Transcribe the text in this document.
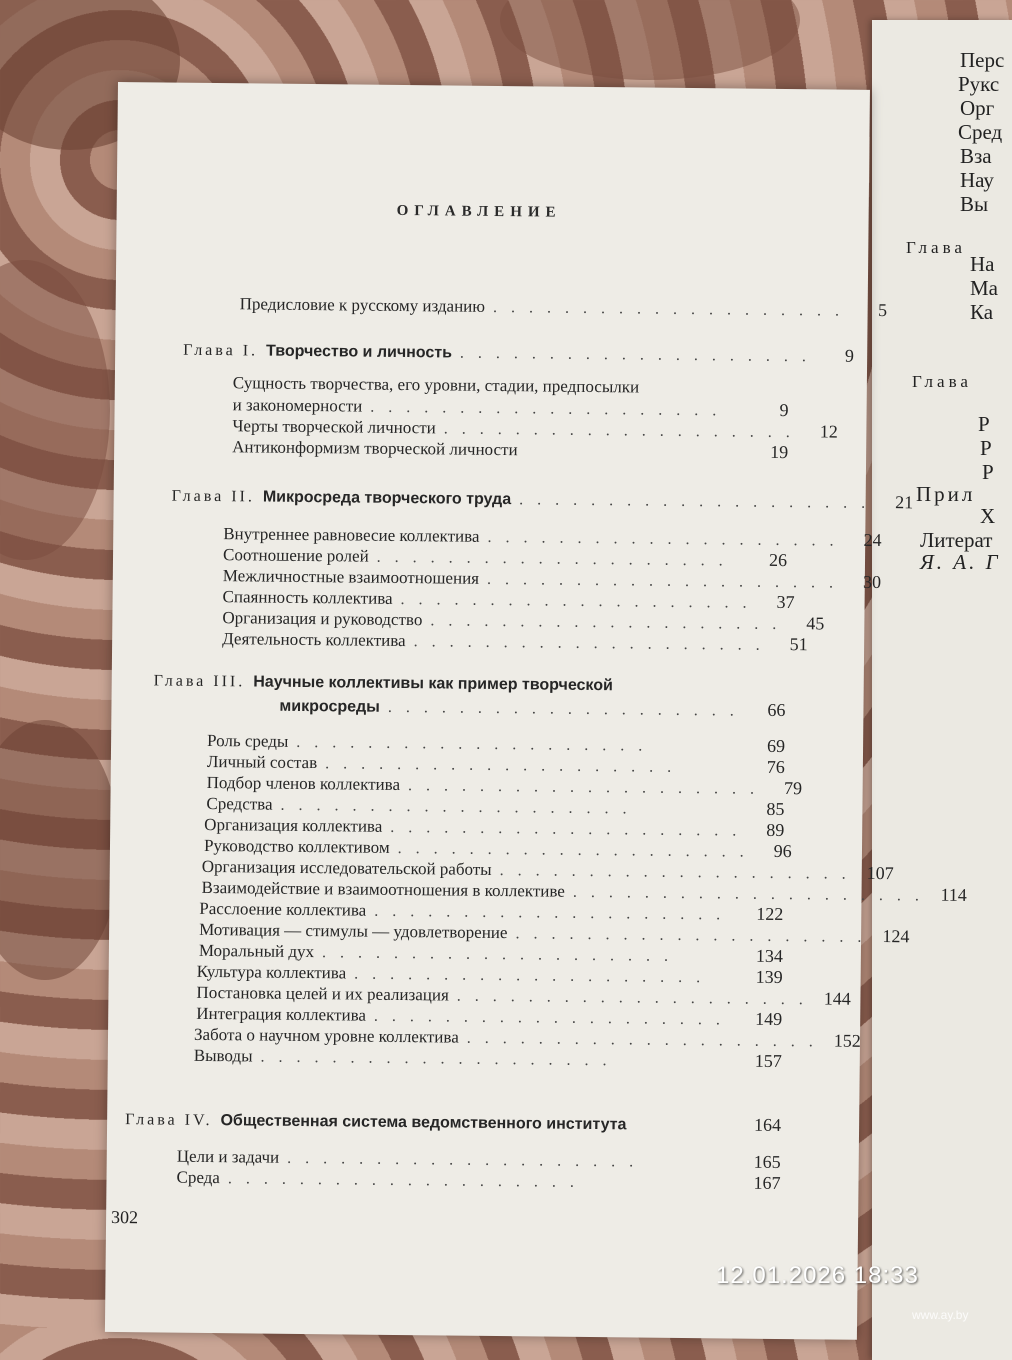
Перс
Рукс
Орг
Сред
Вза
Нау
Вы
Глава
На
Ма
Ка
Глава
Р
Р
Р
Прил
Х
Литерат
Я. А. Г
ОГЛАВЛЕНИЕ
Предисловие к русскому изданию ....................	5
Глава I. Творчество и личность ....................	9
Сущность творчества, его уровни, стадии, предпосылки
и закономерности ....................	9
Черты творческой личности .................... 12
Антиконформизм творческой личности	19
Глава II. Микросреда творческого труда .................... 21
Внутреннее равновесие коллектива .................... 24
Соотношение ролей ....................	26
Межличностные взаимоотношения .................... 30
Спаянность коллектива .................... 37
Организация и руководство .................... 45
Деятельность коллектива .................... 51
Глава III. Научные коллективы как пример творческой
микросреды ....................	66
Роль среды ....................	69
Личный состав ....................	76
Подбор членов коллектива .................... 79
Средства ....................	85
Организация коллектива .................... 89
Руководство коллективом .................... 96
Организация исследовательской работы .................... 107
Взаимодействие и взаимоотношения в коллективе .................... 114
Расслоение коллектива ....................	122
Мотивация — стимулы — удовлетворение .................... 124
Моральный дух ....................	134
Культура коллектива ....................	139
Постановка целей и их реализация .................... 144
Интеграция коллектива ....................	149
Забота о научном уровне коллектива .................... 152
Выводы ....................	157
Глава IV. Общественная система ведомственного института	164
Цели и задачи ....................	165
Среда ....................	167
302
12.01.2026 18:33
www.ay.by
